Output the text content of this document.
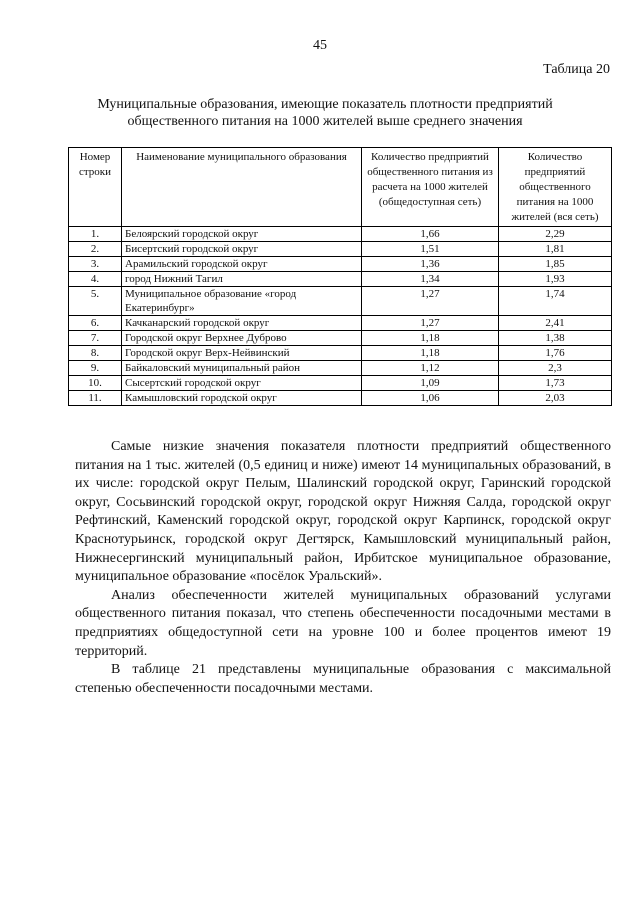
45
Таблица 20
Муниципальные образования, имеющие показатель плотности предприятий общественного питания на 1000 жителей выше среднего значения
Номер строки	Наименование муниципального образования	Количество предприятий общественного питания из расчета на 1000 жителей (общедоступная сеть)	Количество предприятий общественного питания на 1000 жителей (вся сеть)
1.	Белоярский городской округ	1,66	2,29
2.	Бисертский городской округ	1,51	1,81
3.	Арамильский городской округ	1,36	1,85
4.	город Нижний Тагил	1,34	1,93
5.	Муниципальное образование «город Екатеринбург»	1,27	1,74
6.	Качканарский городской округ	1,27	2,41
7.	Городской округ Верхнее Дуброво	1,18	1,38
8.	Городской округ Верх-Нейвинский	1,18	1,76
9.	Байкаловский муниципальный район	1,12	2,3
10.	Сысертский городской округ	1,09	1,73
11.	Камышловский городской округ	1,06	2,03

Самые низкие значения показателя плотности предприятий общественного питания на 1 тыс. жителей (0,5 единиц и ниже) имеют 14 муниципальных образований, в их числе: городской округ Пелым, Шалинский городской округ, Гаринский городской округ, Сосьвинский городской округ, городской округ Нижняя Салда, городской округ Рефтинский, Каменский городской округ, городской округ Карпинск, городской округ Краснотурьинск, городской округ Дегтярск, Камышловский муниципальный район, Нижнесергинский муниципальный район, Ирбитское муниципальное образование, муниципальное образование «посёлок Уральский».

Анализ обеспеченности жителей муниципальных образований услугами общественного питания показал, что степень обеспеченности посадочными местами в предприятиях общедоступной сети на уровне 100 и более процентов имеют 19 территорий.

В таблице 21 представлены муниципальные образования с максимальной степенью обеспеченности посадочными местами.
